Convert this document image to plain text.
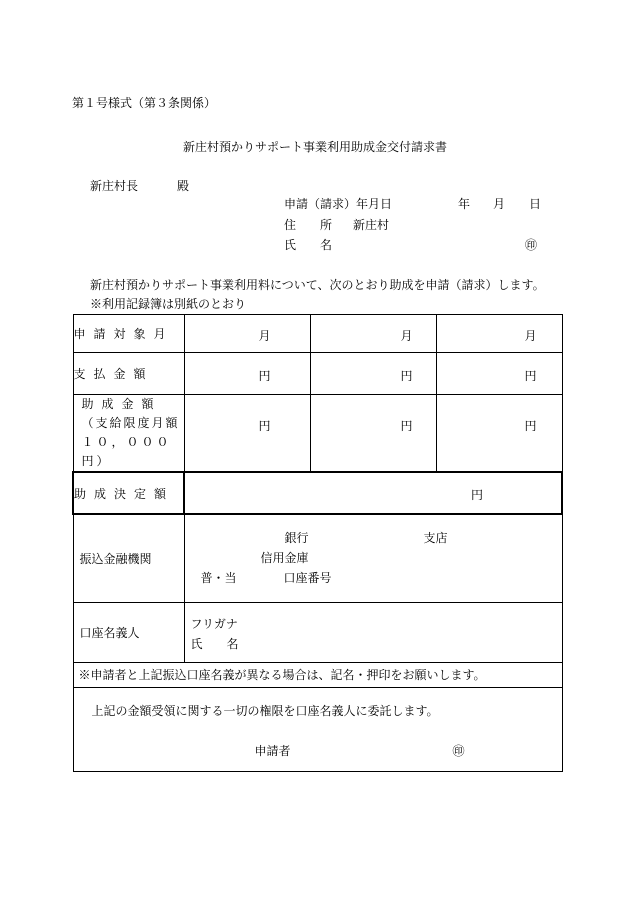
第１号様式（第３条関係）
新庄村預かりサポート事業利用助成金交付請求書
新庄村長	殿
申請（請求）年月日	年 月 日
住　　所 新庄村
氏　　名	㊞
新庄村預かりサポート事業利用料について、次のとおり助成を申請（請求）します。
※利用記録簿は別紙のとおり
申請対象月	月	月	月

支払金額	円	円	円

助成金額
（支給限度月額
１０，０００円）	円	円	円

助成決定額	円		

振込金融機関	銀行 支店
信用金庫
普・当 口座番号		

口座名義人	フリガナ
氏　　名		

※申請者と上記振込口座名義が異なる場合は、記名・押印をお願いします。			

上記の金額受領に関する一切の権限を口座名義人に委託します。
申請者 ㊞			
